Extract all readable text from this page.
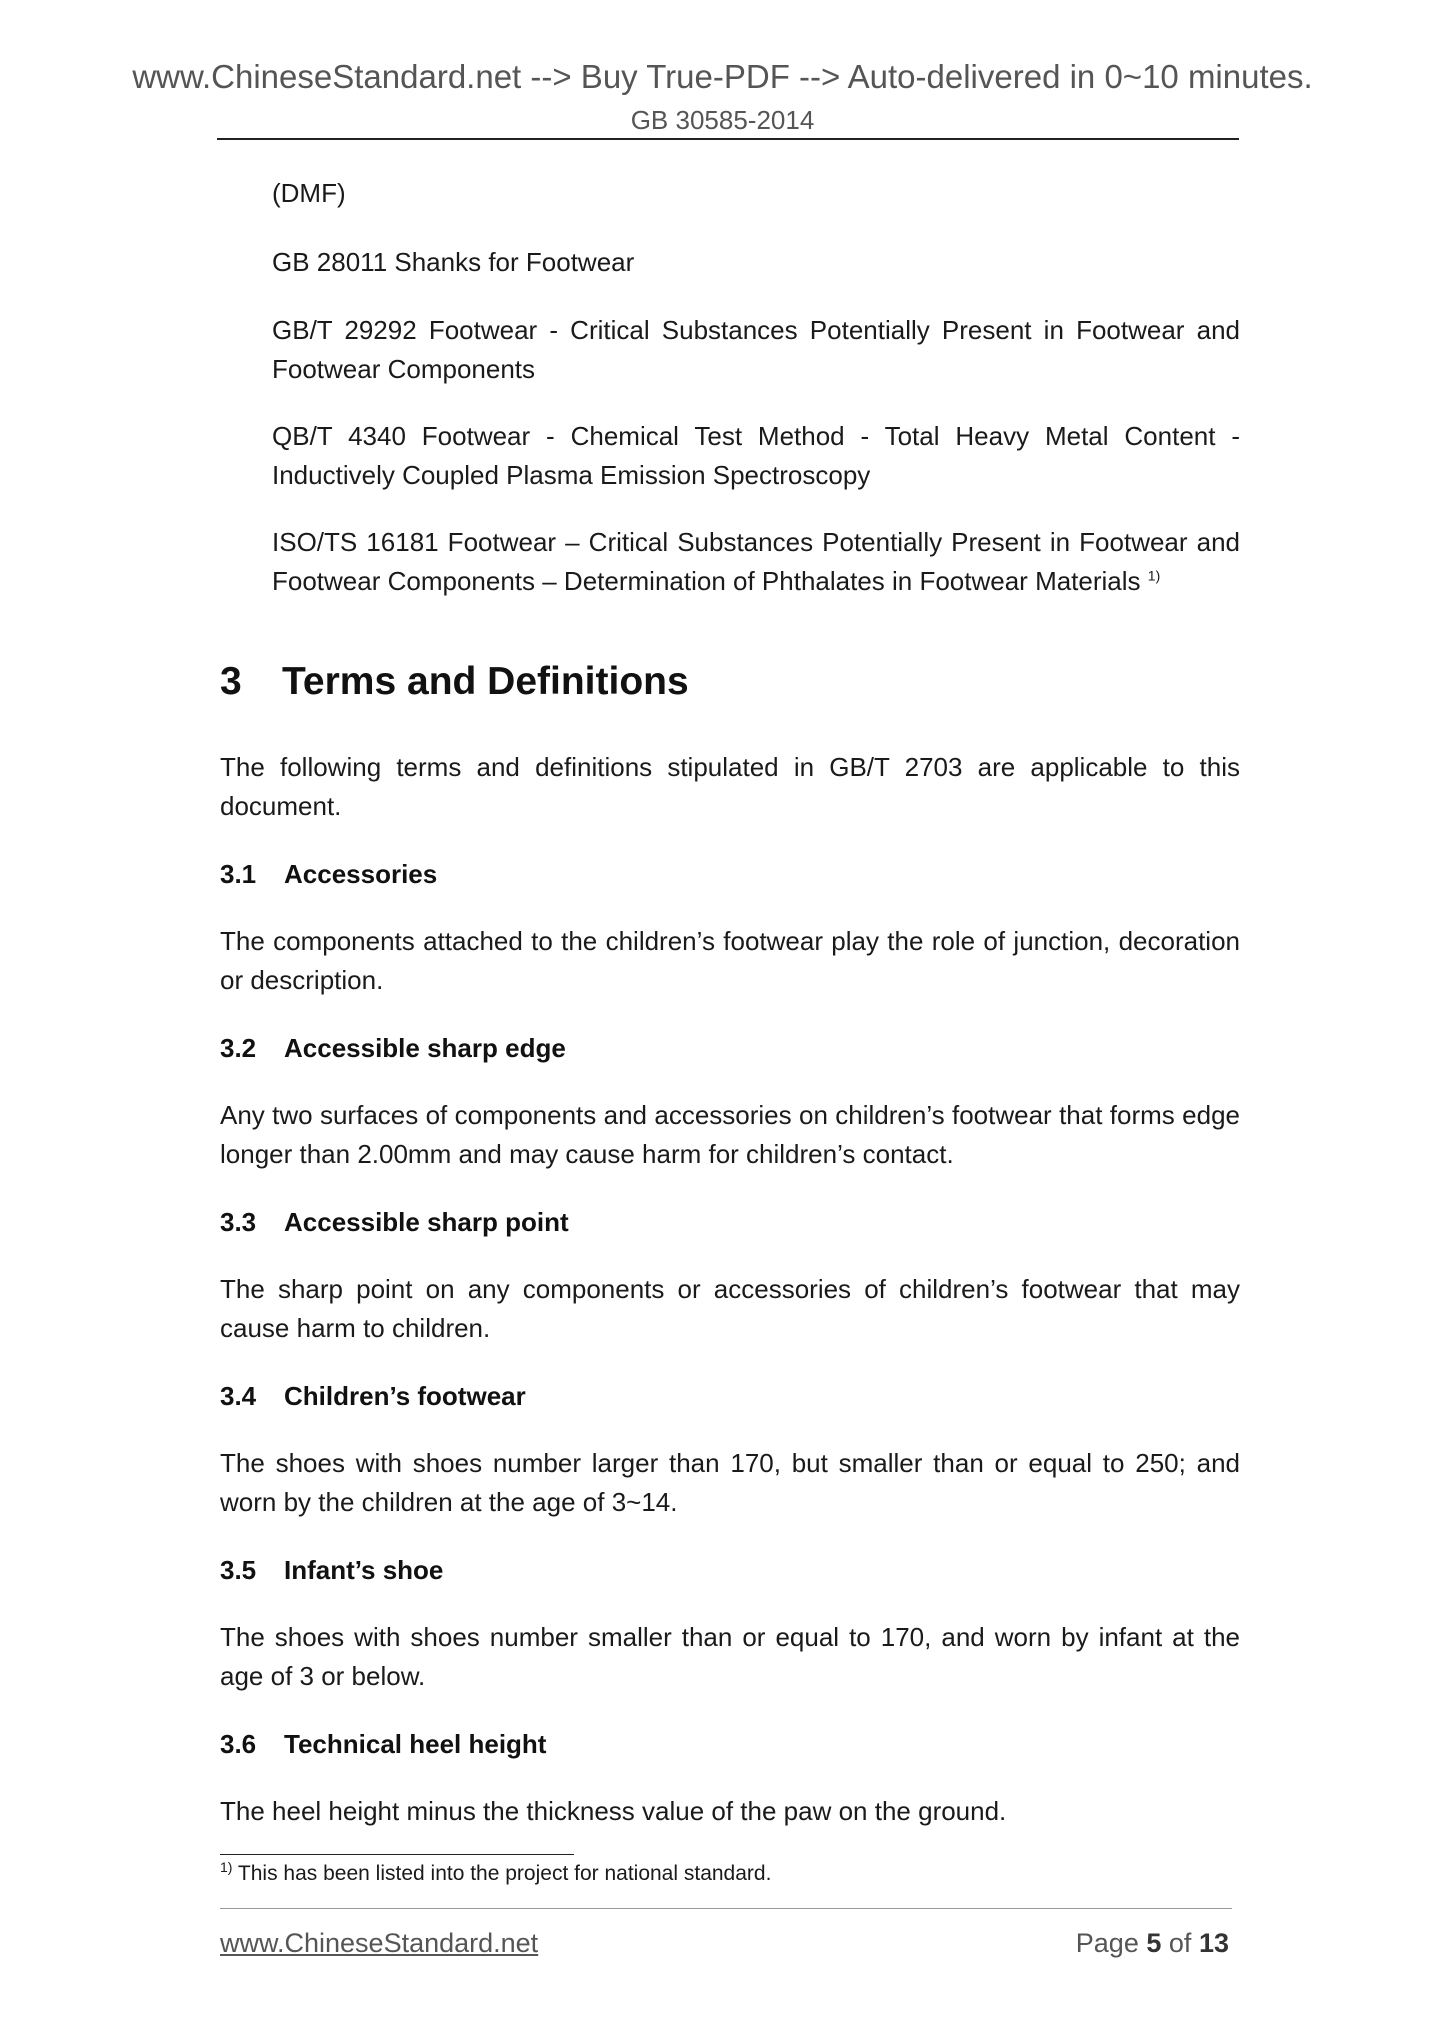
www.ChineseStandard.net --> Buy True-PDF --> Auto-delivered in 0~10 minutes.
GB 30585-2014

(DMF)

GB 28011 Shanks for Footwear

GB/T 29292 Footwear - Critical Substances Potentially Present in Footwear and Footwear Components

QB/T 4340 Footwear - Chemical Test Method - Total Heavy Metal Content - Inductively Coupled Plasma Emission Spectroscopy

ISO/TS 16181 Footwear – Critical Substances Potentially Present in Footwear and Footwear Components – Determination of Phthalates in Footwear Materials $^{1)}$

3 Terms and Definitions

The following terms and definitions stipulated in GB/T 2703 are applicable to this document.

3.1 Accessories

The components attached to the children’s footwear play the role of junction, decoration or description.

3.2 Accessible sharp edge

Any two surfaces of components and accessories on children’s footwear that forms edge longer than 2.00mm and may cause harm for children’s contact.

3.3 Accessible sharp point

The sharp point on any components or accessories of children’s footwear that may cause harm to children.

3.4 Children’s footwear

The shoes with shoes number larger than 170, but smaller than or equal to 250; and worn by the children at the age of 3~14.

3.5 Infant’s shoe

The shoes with shoes number smaller than or equal to 170, and worn by infant at the age of 3 or below.

3.6 Technical heel height

The heel height minus the thickness value of the paw on the ground.

$^{1)}$ This has been listed into the project for national standard.
www.ChineseStandard.net	Page 5 of 13
